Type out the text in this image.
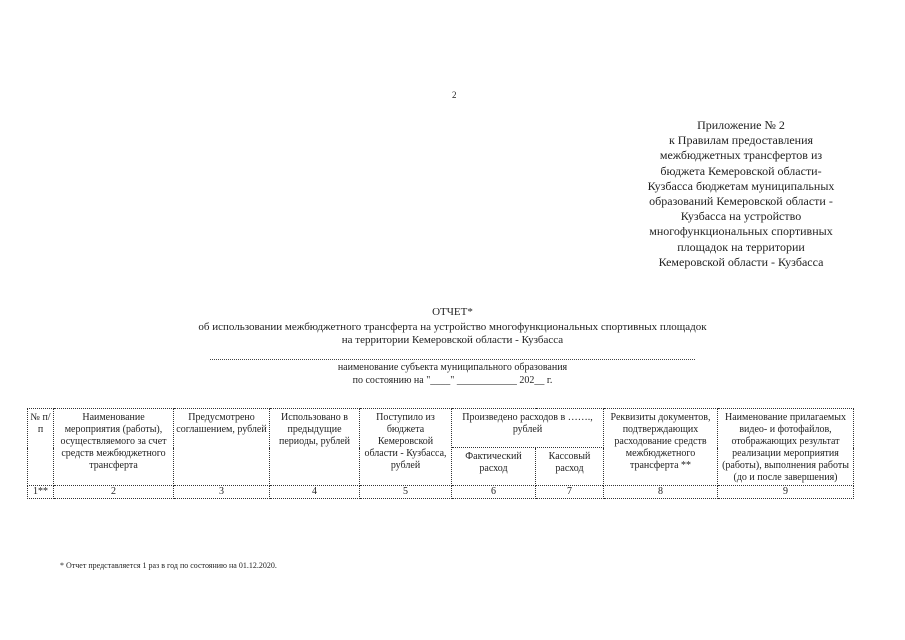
2
Приложение № 2
к Правилам предоставления
межбюджетных трансфертов из
бюджета Кемеровской области-
Кузбасса бюджетам муниципальных
образований Кемеровской области -
Кузбасса на устройство
многофункциональных спортивных
площадок на территории
Кемеровской области - Кузбасса
ОТЧЕТ*
об использовании межбюджетного трансферта на устройство многофункциональных спортивных площадок
на территории Кемеровской области - Кузбасса
наименование субъекта муниципального образования
по состоянию на "____" ____________ 202__ г.
№ п/п	Наименование мероприятия (работы), осуществляемого за счет средств межбюджетного трансферта	Предусмотрено соглашением, рублей	Использовано в предыдущие периоды, рублей	Поступило из бюджета Кемеровской области - Кузбасса, рублей	Произведено расходов в ……., рублей		Реквизиты документов, подтверждающих расходование средств межбюджетного трансферта **	Наименование прилагаемых видео- и фотофайлов, отображающих результат реализации мероприятия (работы), выполнения работы (до и после завершения)
					Фактический расход	Кассовый расход		
1**	2	3	4	5	6	7	8	9
* Отчет представляется 1 раз в год по состоянию на 01.12.2020.
